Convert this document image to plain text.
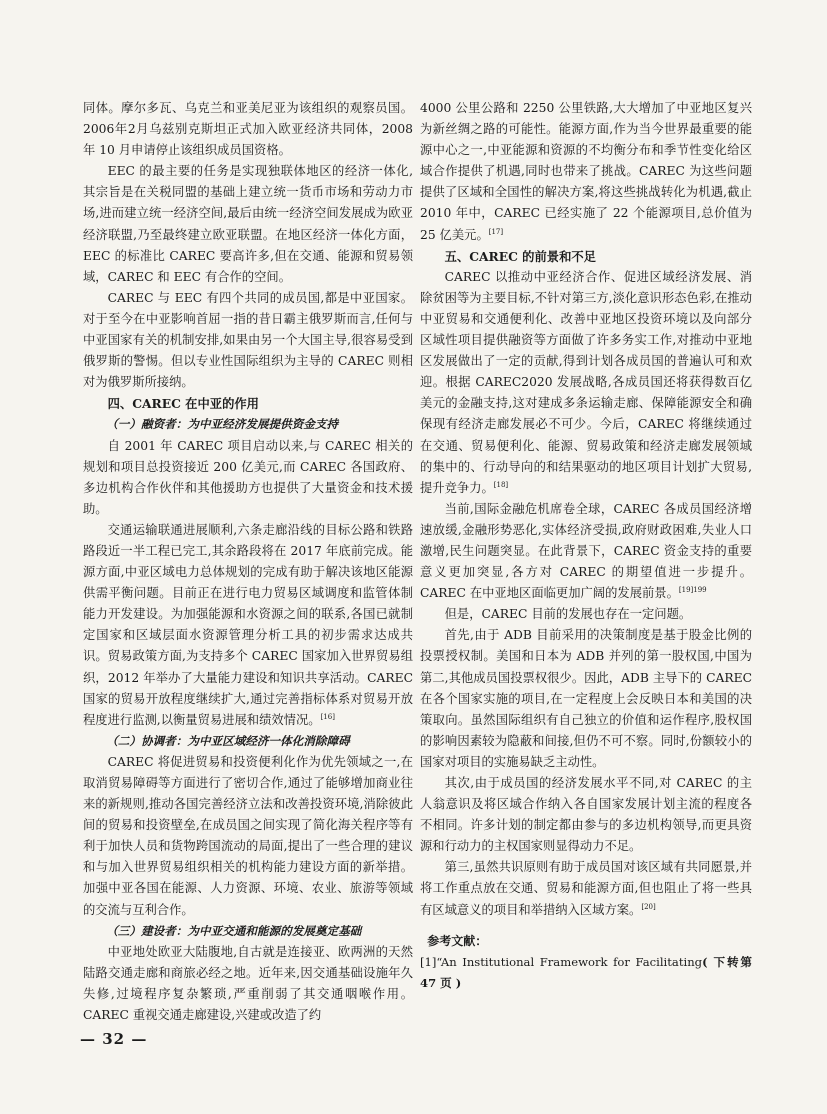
同体。摩尔多瓦、乌克兰和亚美尼亚为该组织的观察员国。2006年2月乌兹别克斯坦正式加入欧亚经济共同体，2008 年 10 月申请停止该组织成员国资格。

EEC 的最主要的任务是实现独联体地区的经济一体化,其宗旨是在关税同盟的基础上建立统一货币市场和劳动力市场,进而建立统一经济空间,最后由统一经济空间发展成为欧亚经济联盟,乃至最终建立欧亚联盟。在地区经济一体化方面，EEC 的标准比 CAREC 要高许多,但在交通、能源和贸易领域，CAREC 和 EEC 有合作的空间。

CAREC 与 EEC 有四个共同的成员国,都是中亚国家。对于至今在中亚影响首屈一指的昔日霸主俄罗斯而言,任何与中亚国家有关的机制安排,如果由另一个大国主导,很容易受到俄罗斯的警惕。但以专业性国际组织为主导的 CAREC 则相对为俄罗斯所接纳。

四、CAREC 在中亚的作用

（一）融资者：为中亚经济发展提供资金支持

自 2001 年 CAREC 项目启动以来,与 CAREC 相关的规划和项目总投资接近 200 亿美元,而 CAREC 各国政府、多边机构合作伙伴和其他援助方也提供了大量资金和技术援助。

交通运输联通进展顺利,六条走廊沿线的目标公路和铁路路段近一半工程已完工,其余路段将在 2017 年底前完成。能源方面,中亚区域电力总体规划的完成有助于解决该地区能源供需平衡问题。目前正在进行电力贸易区域调度和监管体制能力开发建设。为加强能源和水资源之间的联系,各国已就制定国家和区域层面水资源管理分析工具的初步需求达成共识。贸易政策方面,为支持多个 CAREC 国家加入世界贸易组织，2012 年举办了大量能力建设和知识共享活动。CAREC 国家的贸易开放程度继续扩大,通过完善指标体系对贸易开放程度进行监测,以衡量贸易进展和绩效情况。[16]

（二）协调者：为中亚区域经济一体化消除障碍

CAREC 将促进贸易和投资便利化作为优先领域之一,在取消贸易障碍等方面进行了密切合作,通过了能够增加商业往来的新规则,推动各国完善经济立法和改善投资环境,消除彼此间的贸易和投资壁垒,在成员国之间实现了简化海关程序等有利于加快人员和货物跨国流动的局面,提出了一些合理的建议和与加入世界贸易组织相关的机构能力建设方面的新举措。加强中亚各国在能源、人力资源、环境、农业、旅游等领域的交流与互利合作。

（三）建设者：为中亚交通和能源的发展奠定基础

中亚地处欧亚大陆腹地,自古就是连接亚、欧两洲的天然陆路交通走廊和商旅必经之地。近年来,因交通基础设施年久失修,过境程序复杂繁琐,严重削弱了其交通咽喉作用。CAREC 重视交通走廊建设,兴建或改造了约

4000 公里公路和 2250 公里铁路,大大增加了中亚地区复兴为新丝绸之路的可能性。能源方面,作为当今世界最重要的能源中心之一,中亚能源和资源的不均衡分布和季节性变化给区域合作提供了机遇,同时也带来了挑战。CAREC 为这些问题提供了区域和全国性的解决方案,将这些挑战转化为机遇,截止 2010 年中，CAREC 已经实施了 22 个能源项目,总价值为 25 亿美元。[17]

五、CAREC 的前景和不足

CAREC 以推动中亚经济合作、促进区域经济发展、消除贫困等为主要目标,不针对第三方,淡化意识形态色彩,在推动中亚贸易和交通便利化、改善中亚地区投资环境以及向部分区域性项目提供融资等方面做了许多务实工作,对推动中亚地区发展做出了一定的贡献,得到计划各成员国的普遍认可和欢迎。根据 CAREC2020 发展战略,各成员国还将获得数百亿美元的金融支持,这对建成多条运输走廊、保障能源安全和确保现有经济走廊发展必不可少。今后，CAREC 将继续通过在交通、贸易便利化、能源、贸易政策和经济走廊发展领域的集中的、行动导向的和结果驱动的地区项目计划扩大贸易,提升竞争力。[18]

当前,国际金融危机席卷全球，CAREC 各成员国经济增速放缓,金融形势恶化,实体经济受损,政府财政困难,失业人口激增,民生问题突显。在此背景下，CAREC 资金支持的重要意义更加突显,各方对 CAREC 的期望值进一步提升。CAREC 在中亚地区面临更加广阔的发展前景。$^{[19]199}$

但是，CAREC 目前的发展也存在一定问题。

首先,由于 ADB 目前采用的决策制度是基于股金比例的投票授权制。美国和日本为 ADB 并列的第一股权国,中国为第二,其他成员国投票权很少。因此，ADB 主导下的 CAREC 在各个国家实施的项目,在一定程度上会反映日本和美国的决策取向。虽然国际组织有自己独立的价值和运作程序,股权国的影响因素较为隐蔽和间接,但仍不可不察。同时,份额较小的国家对项目的实施易缺乏主动性。

其次,由于成员国的经济发展水平不同,对 CAREC 的主人翁意识及将区域合作纳入各自国家发展计划主流的程度各不相同。许多计划的制定都由参与的多边机构领导,而更具资源和行动力的主权国家则显得动力不足。

第三,虽然共识原则有助于成员国对该区域有共同愿景,并将工作重点放在交通、贸易和能源方面,但也阻止了将一些具有区域意义的项目和举措纳入区域方案。[20]

参考文献：

[1]“An Institutional Framework for Facilitating( 下转第 47 页 )

— 32 —
